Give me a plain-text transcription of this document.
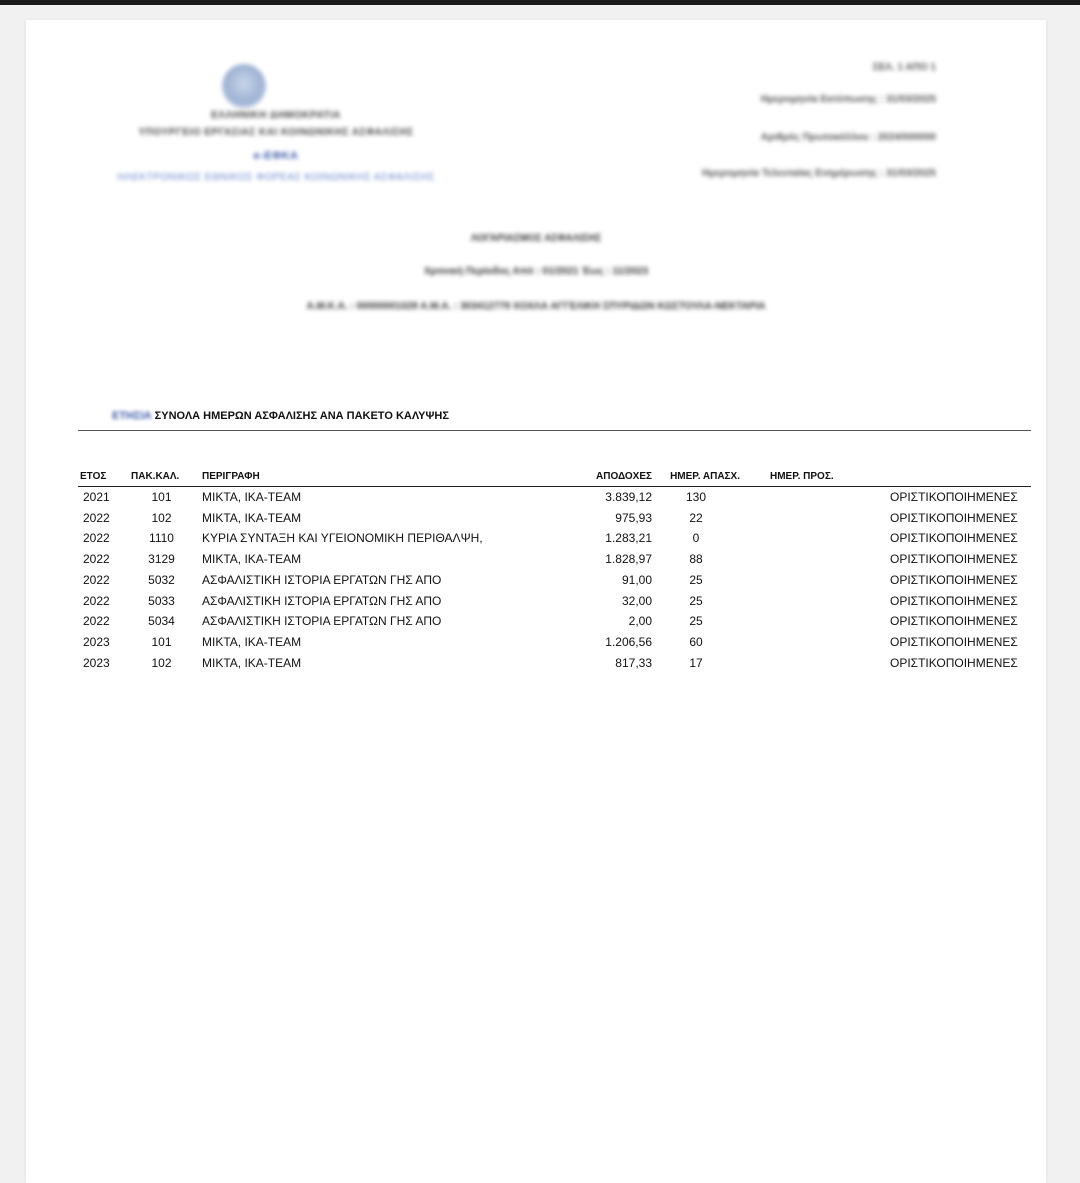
ΕΛΛΗΝΙΚΗ ΔΗΜΟΚΡΑΤΙΑ
ΥΠΟΥΡΓΕΙΟ ΕΡΓΑΣΙΑΣ ΚΑΙ ΚΟΙΝΩΝΙΚΗΣ ΑΣΦΑΛΙΣΗΣ
e-ΕΦΚΑ
ΗΛΕΚΤΡΟΝΙΚΟΣ ΕΘΝΙΚΟΣ ΦΟΡΕΑΣ ΚΟΙΝΩΝΙΚΗΣ ΑΣΦΑΛΙΣΗΣ
ΣΕΛ. 1 ΑΠΟ 1
Ημερομηνία Εκτύπωσης : 31/03/2025
Αριθμός Πρωτοκόλλου : 2024/000000
Ημερομηνία Τελευταίας Ενημέρωσης : 31/03/2025
ΛΟΓΑΡΙΑΣΜΟΣ ΑΣΦΑΛΙΣΗΣ
Χρονική Περίοδος Από : 01/2021 Έως : 11/2023
Α.Μ.Κ.Α. : 00000001028 Α.Μ.Α. : 303412779 ΧΟΧΛΑ ΑΓΓΕΛΙΚΗ ΣΠΥΡΙΔΩΝ ΚΩΣΤΟΥΛΑ-ΝΕΚΤΑΡΙΑ
ΕΤΗΣΙΑ ΣΥΝΟΛΑ ΗΜΕΡΩΝ ΑΣΦΑΛΙΣΗΣ ΑΝΑ ΠΑΚΕΤΟ ΚΑΛΥΨΗΣ
ΕΤΟΣ	ΠΑΚ.ΚΑΛ.	ΠΕΡΙΓΡΑΦΗ	ΑΠΟΔΟΧΕΣ	ΗΜΕΡ. ΑΠΑΣΧ.	ΗΜΕΡ. ΠΡΟΣ.	
2021	101	ΜΙΚΤΑ, ΙΚΑ-ΤΕΑΜ	3.839,12	130		ΟΡΙΣΤΙΚΟΠΟΙΗΜΕΝΕΣ
2022	102	ΜΙΚΤΑ, ΙΚΑ-ΤΕΑΜ	975,93	22		ΟΡΙΣΤΙΚΟΠΟΙΗΜΕΝΕΣ
2022	1110	ΚΥΡΙΑ ΣΥΝΤΑΞΗ ΚΑΙ ΥΓΕΙΟΝΟΜΙΚΗ ΠΕΡΙΘΑΛΨΗ,	1.283,21	0		ΟΡΙΣΤΙΚΟΠΟΙΗΜΕΝΕΣ
2022	3129	ΜΙΚΤΑ, ΙΚΑ-ΤΕΑΜ	1.828,97	88		ΟΡΙΣΤΙΚΟΠΟΙΗΜΕΝΕΣ
2022	5032	ΑΣΦΑΛΙΣΤΙΚΗ ΙΣΤΟΡΙΑ ΕΡΓΑΤΩΝ ΓΗΣ ΑΠΟ	91,00	25		ΟΡΙΣΤΙΚΟΠΟΙΗΜΕΝΕΣ
2022	5033	ΑΣΦΑΛΙΣΤΙΚΗ ΙΣΤΟΡΙΑ ΕΡΓΑΤΩΝ ΓΗΣ ΑΠΟ	32,00	25		ΟΡΙΣΤΙΚΟΠΟΙΗΜΕΝΕΣ
2022	5034	ΑΣΦΑΛΙΣΤΙΚΗ ΙΣΤΟΡΙΑ ΕΡΓΑΤΩΝ ΓΗΣ ΑΠΟ	2,00	25		ΟΡΙΣΤΙΚΟΠΟΙΗΜΕΝΕΣ
2023	101	ΜΙΚΤΑ, ΙΚΑ-ΤΕΑΜ	1.206,56	60		ΟΡΙΣΤΙΚΟΠΟΙΗΜΕΝΕΣ
2023	102	ΜΙΚΤΑ, ΙΚΑ-ΤΕΑΜ	817,33	17		ΟΡΙΣΤΙΚΟΠΟΙΗΜΕΝΕΣ
